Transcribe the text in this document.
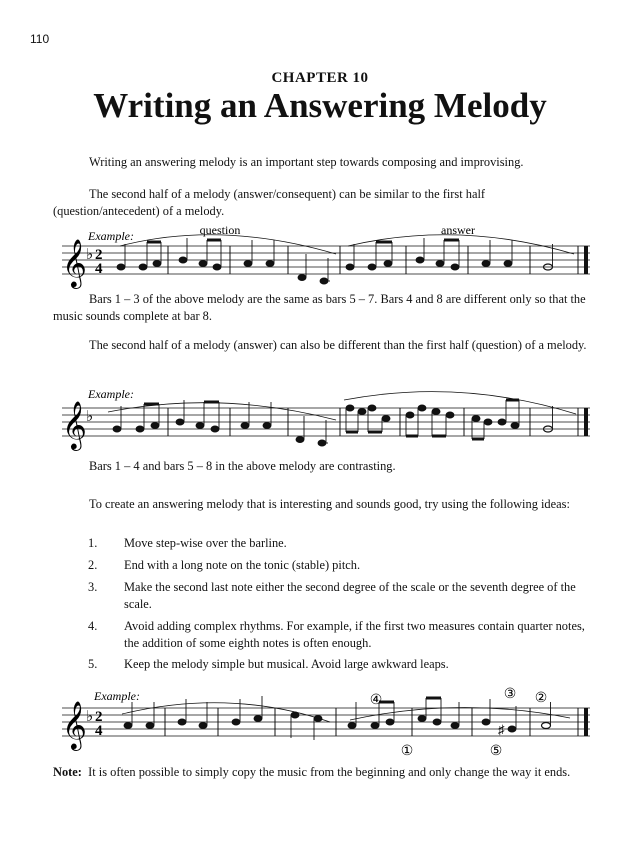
110
CHAPTER 10
Writing an Answering Melody
Writing an answering melody is an important step towards composing and improvising.
The second half of a melody (answer/consequent) can be similar to the first half (question/antecedent) of a melody.
Example:	question	answer
𝄞 ♭ 2
4
Bars 1 – 3 of the above melody are the same as bars 5 – 7. Bars 4 and 8 are different only so that the music sounds complete at bar 8.
The second half of a melody (answer) can also be different than the first half (question) of a melody.
Example:
𝄞 ♭
Bars 1 – 4 and bars 5 – 8 in the above melody are contrasting.
To create an answering melody that is interesting and sounds good, try using the following ideas:
1. Move step-wise over the barline.
2. End with a long note on the tonic (stable) pitch.
3. Make the second last note either the second degree of the scale or the seventh degree of the scale.
4. Avoid adding complex rhythms. For example, if the first two measures contain quarter notes, the addition of some eighth notes is often enough.
5. Keep the melody simple but musical. Avoid large awkward leaps.
Example:
𝄞 ♭ 2
4	♯
④
①
③ ②
⑤
Note: It is often possible to simply copy the music from the beginning and only change the way it ends.
